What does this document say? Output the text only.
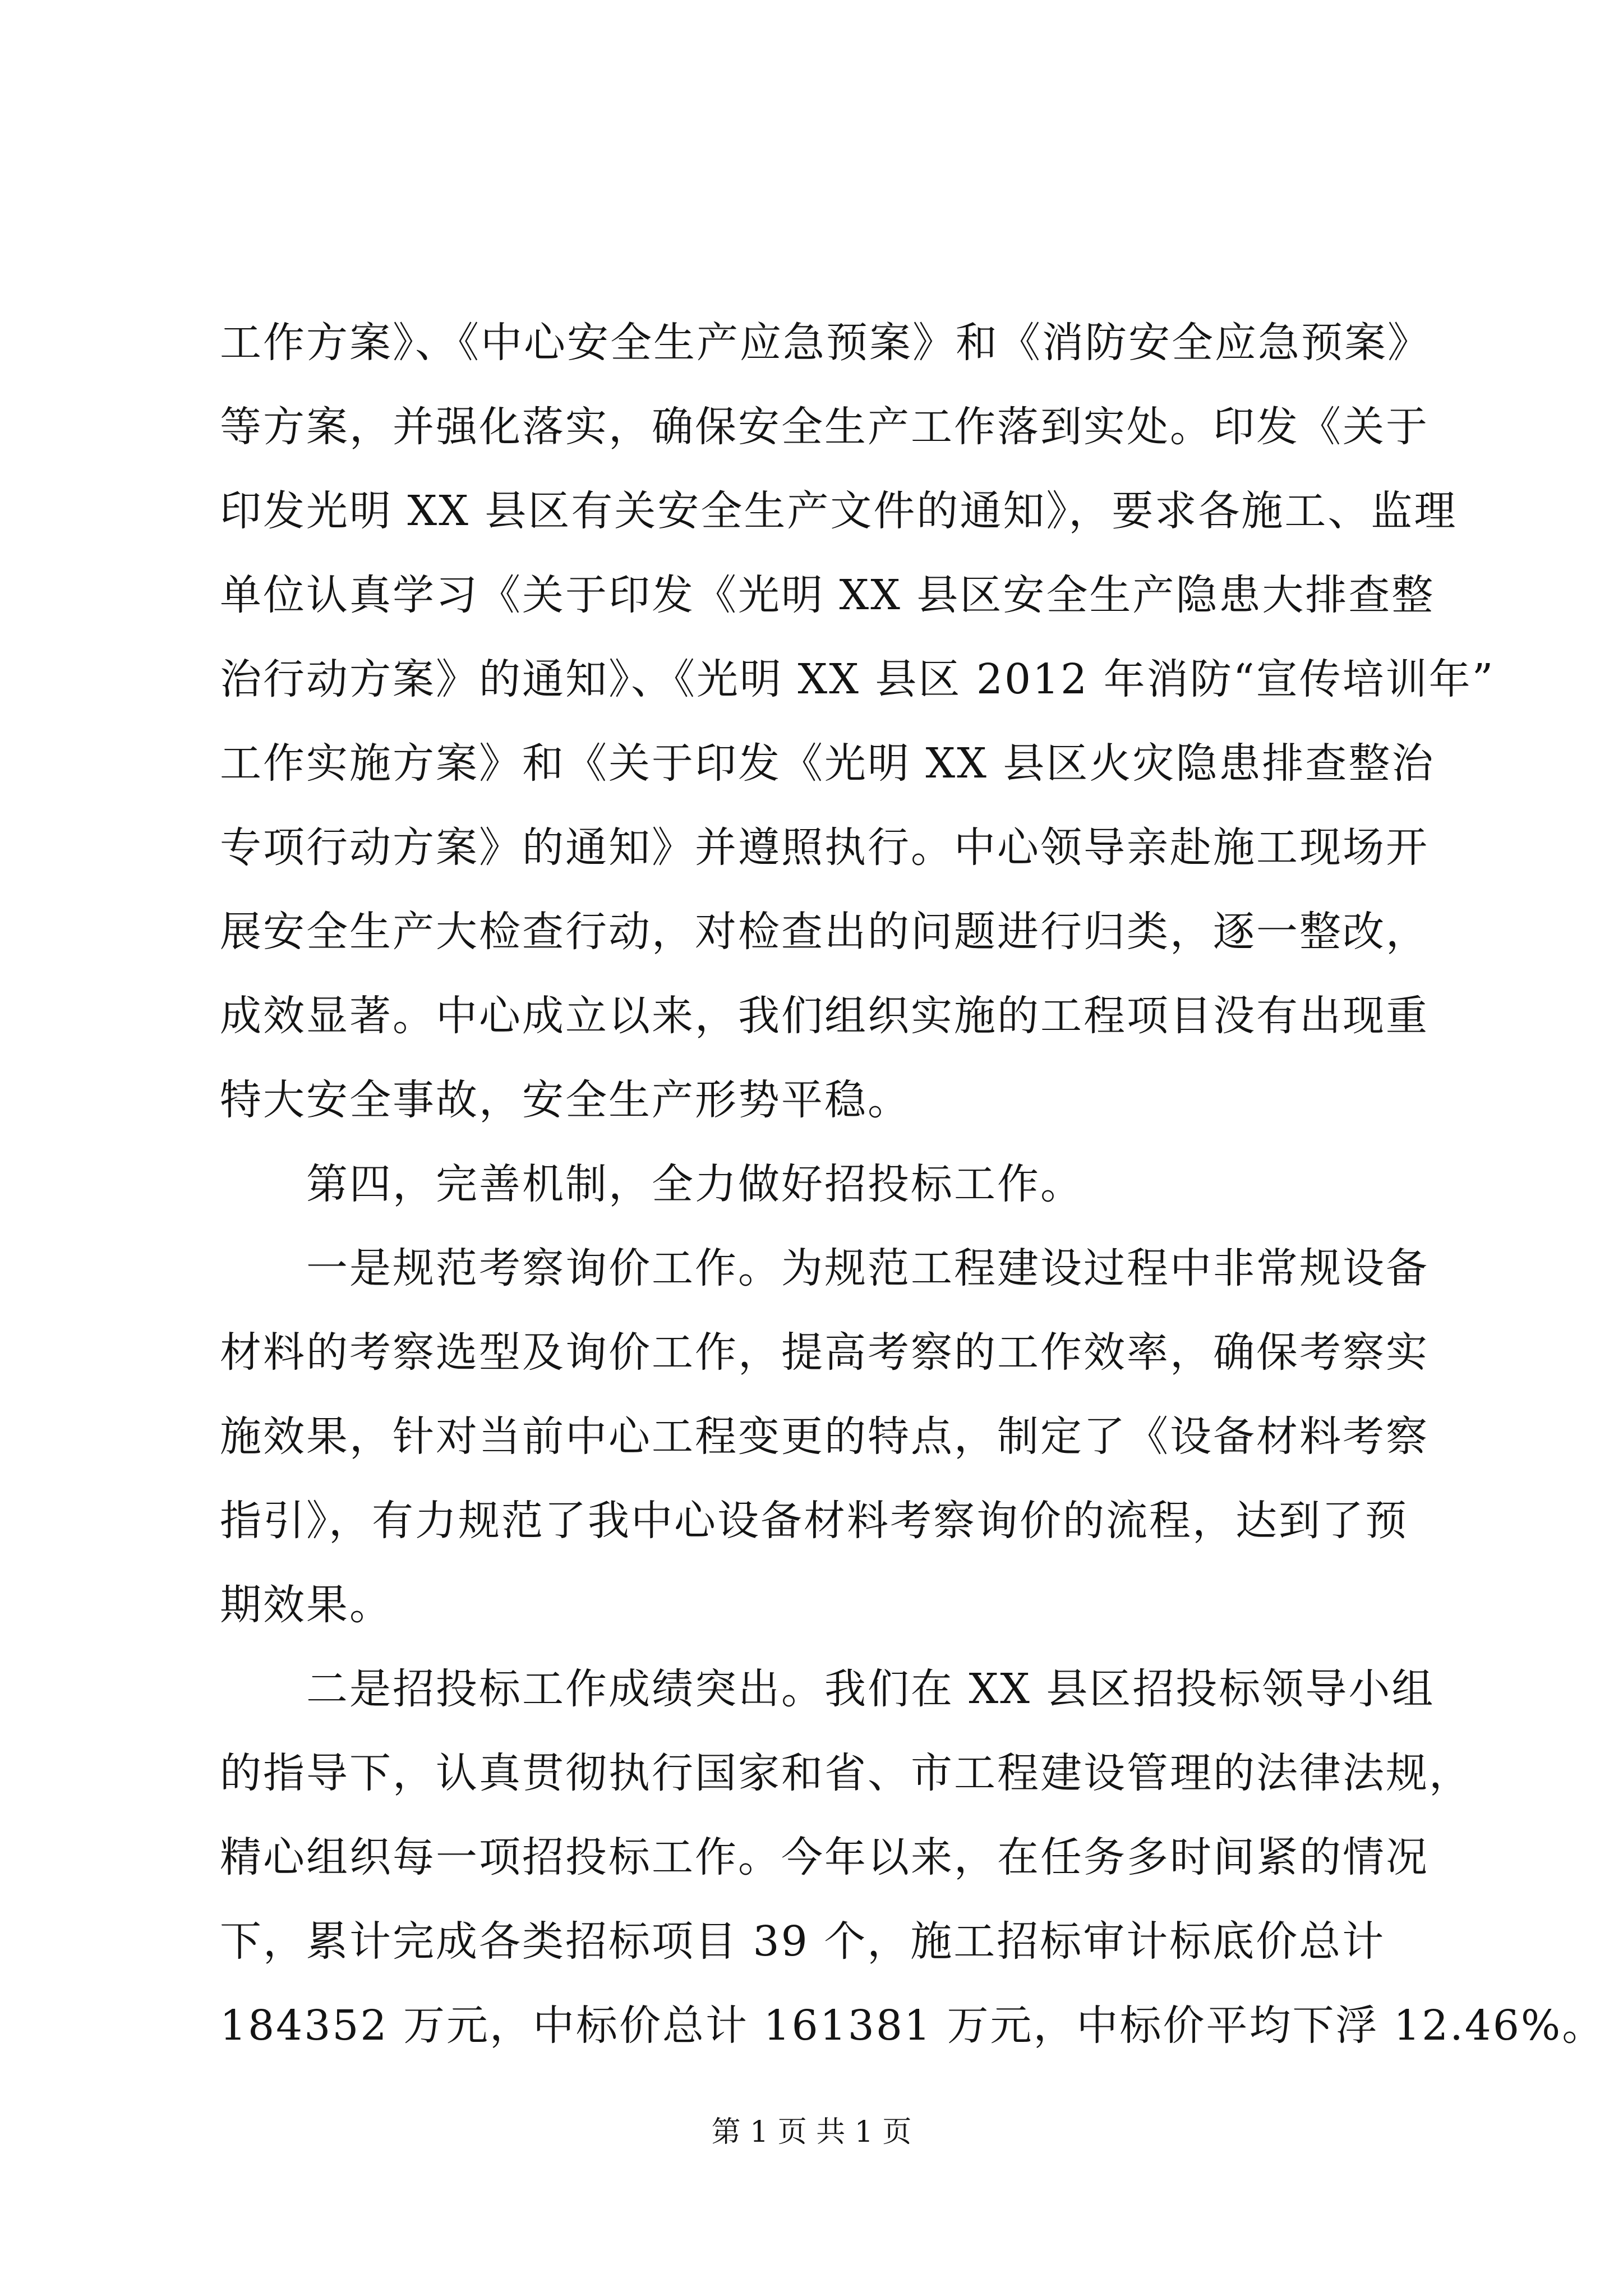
工作方案》、《中心安全生产应急预案》和《消防安全应急预案》
等方案，并强化落实，确保安全生产工作落到实处。印发《关于
印发光明 XX 县区有关安全生产文件的通知》，要求各施工、监理
单位认真学习《关于印发《光明 XX 县区安全生产隐患大排查整
治行动方案》的通知》、《光明 XX 县区 2012 年消防“宣传培训年”
工作实施方案》和《关于印发《光明 XX 县区火灾隐患排查整治
专项行动方案》的通知》并遵照执行。中心领导亲赴施工现场开
展安全生产大检查行动，对检查出的问题进行归类，逐一整改，
成效显著。中心成立以来，我们组织实施的工程项目没有出现重
特大安全事故，安全生产形势平稳。
　　第四，完善机制，全力做好招投标工作。
　　一是规范考察询价工作。为规范工程建设过程中非常规设备
材料的考察选型及询价工作，提高考察的工作效率，确保考察实
施效果，针对当前中心工程变更的特点，制定了《设备材料考察
指引》，有力规范了我中心设备材料考察询价的流程，达到了预
期效果。
　　二是招投标工作成绩突出。我们在 XX 县区招投标领导小组
的指导下，认真贯彻执行国家和省、市工程建设管理的法律法规，
精心组织每一项招投标工作。今年以来，在任务多时间紧的情况
下，累计完成各类招标项目 39 个，施工招标审计标底价总计
184352 万元，中标价总计 161381 万元，中标价平均下浮 12.46%。
第 1 页 共 1 页
